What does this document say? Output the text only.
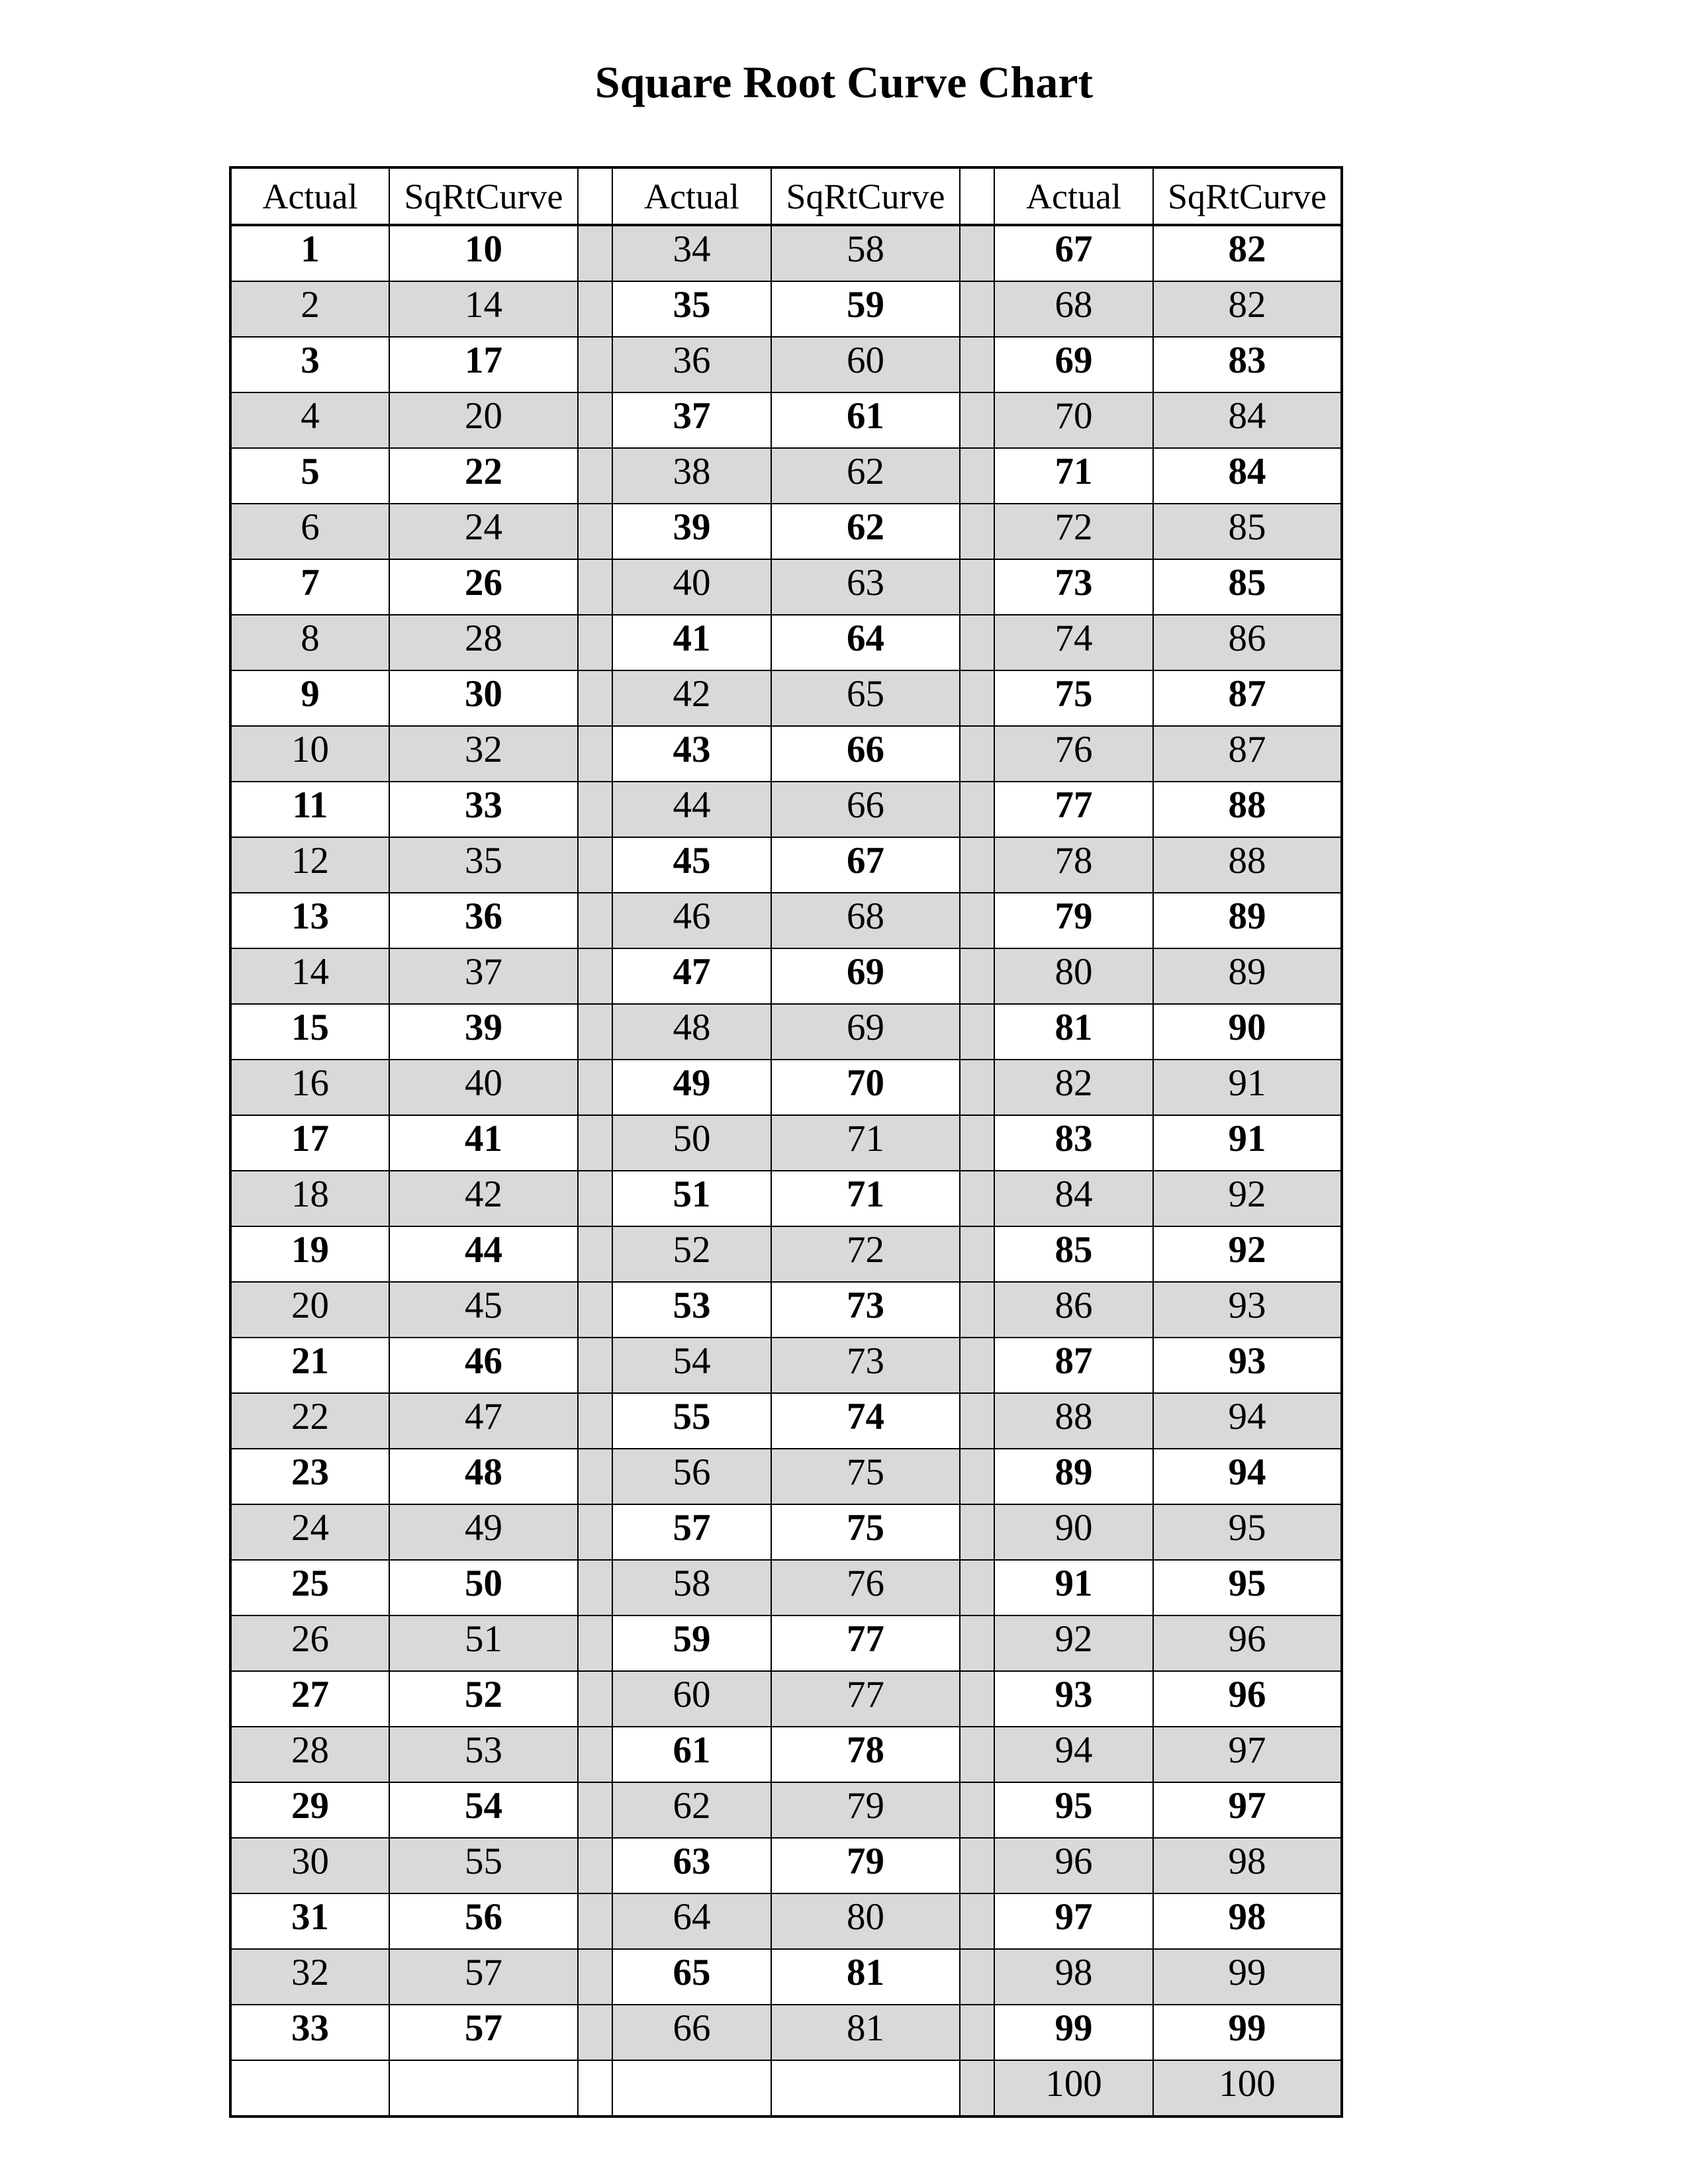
Square Root Curve Chart
Actual	SqRtCurve		Actual	SqRtCurve		Actual	SqRtCurve
1	10		34	58		67	82
2	14		35	59		68	82
3	17		36	60		69	83
4	20		37	61		70	84
5	22		38	62		71	84
6	24		39	62		72	85
7	26		40	63		73	85
8	28		41	64		74	86
9	30		42	65		75	87
10	32		43	66		76	87
11	33		44	66		77	88
12	35		45	67		78	88
13	36		46	68		79	89
14	37		47	69		80	89
15	39		48	69		81	90
16	40		49	70		82	91
17	41		50	71		83	91
18	42		51	71		84	92
19	44		52	72		85	92
20	45		53	73		86	93
21	46		54	73		87	93
22	47		55	74		88	94
23	48		56	75		89	94
24	49		57	75		90	95
25	50		58	76		91	95
26	51		59	77		92	96
27	52		60	77		93	96
28	53		61	78		94	97
29	54		62	79		95	97
30	55		63	79		96	98
31	56		64	80		97	98
32	57		65	81		98	99
33	57		66	81		99	99
						100	100
